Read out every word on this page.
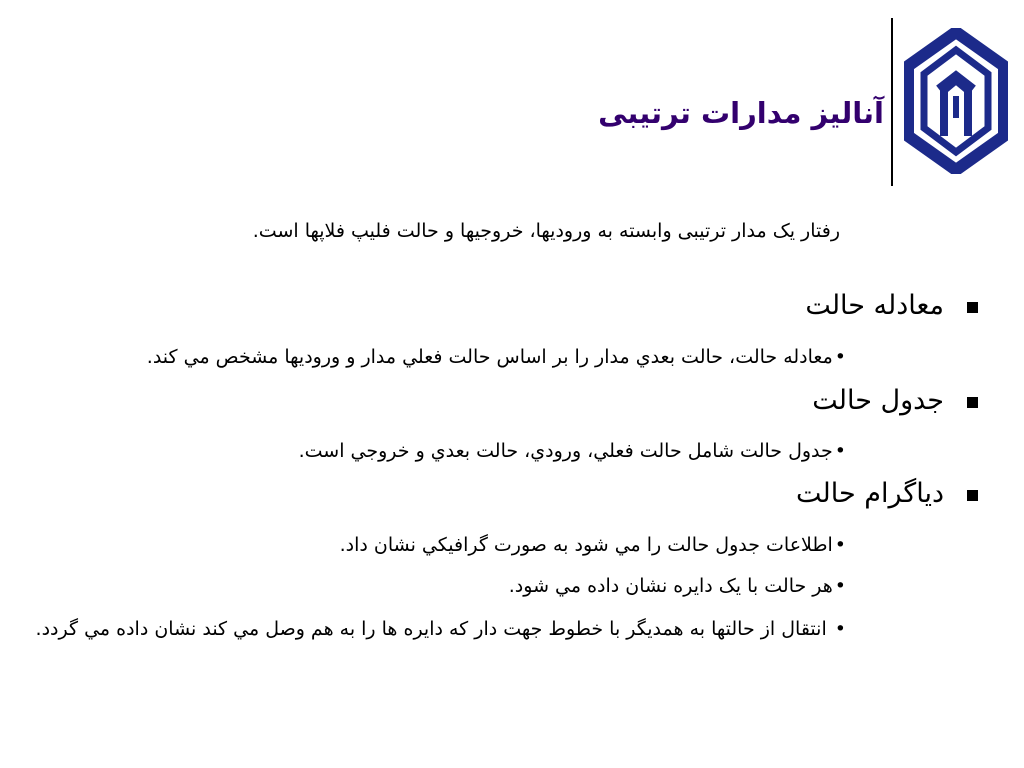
آنالیز مدارات ترتیبی
رفتار یک مدار ترتیبی وابسته به ورودیها، خروجیها و حالت فلیپ فلاپها است.
معادله حالت
•معادله حالت، حالت بعدي مدار را بر اساس حالت فعلي مدار و وروديها مشخص مي كند.
جدول حالت
•جدول حالت شامل حالت فعلي، ورودي، حالت بعدي و خروجي است.
دیاگرام حالت
•اطلاعات جدول حالت را مي شود به صورت گرافيكي نشان داد.
•هر حالت با یک دایره نشان داده مي شود.
• انتقال از حالتها به همدیگر با خطوط جهت دار که دایره ها را به هم وصل مي كند نشان داده مي گردد.
